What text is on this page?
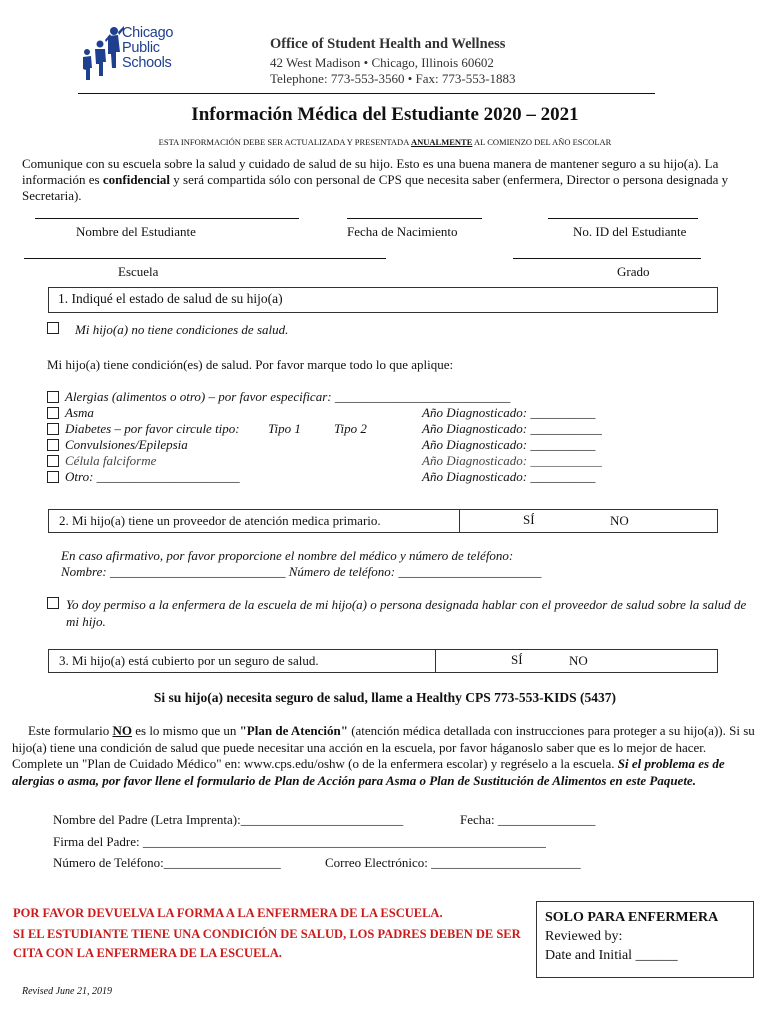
Chicago
Public
Schools
Office of Student Health and Wellness
42 West Madison • Chicago, Illinois 60602
Telephone: 773-553-3560 • Fax: 773-553-1883
Información Médica del Estudiante 2020 – 2021
ESTA INFORMACIÓN DEBE SER ACTUALIZADA Y PRESENTADA ANUALMENTE AL COMIENZO DEL AÑO ESCOLAR
Comunique con su escuela sobre la salud y cuidado de salud de su hijo. Esto es una buena manera de mantener seguro a su hijo(a). La información es confidencial y será compartida sólo con personal de CPS que necesita saber (enfermera, Director o persona designada y Secretaria).
Nombre del Estudiante	Fecha de Nacimiento	No. ID del Estudiante
Escuela	Grado
1. Indiqué el estado de salud de su hijo(a)
Mi hijo(a) no tiene condiciones de salud.
Mi hijo(a) tiene condición(es) de salud. Por favor marque todo lo que aplique:
Alergias (alimentos o otro) – por favor especificar: ___________________________
Asma	Año Diagnosticado: __________
Diabetes – por favor circule tipo: Tipo 1	Tipo 2	Año Diagnosticado: ___________
Convulsiones/Epilepsia	Año Diagnosticado: __________
Célula falciforme	Año Diagnosticado: ___________
Otro: ______________________	Año Diagnosticado: __________
2. Mi hijo(a) tiene un proveedor de atención medica primario.	SÍ	NO
En caso afirmativo, por favor proporcione el nombre del médico y número de teléfono:
Nombre: ___________________________ Número de teléfono: ______________________
Yo doy permiso a la enfermera de la escuela de mi hijo(a) o persona designada hablar con el proveedor de salud sobre la salud de mi hijo.
3. Mi hijo(a) está cubierto por un seguro de salud.	SÍ	NO
Si su hijo(a) necesita seguro de salud, llame a Healthy CPS 773-553-KIDS (5437)
Este formulario NO es lo mismo que un "Plan de Atención" (atención médica detallada con instrucciones para proteger a su hijo(a)). Si su hijo(a) tiene una condición de salud que puede necesitar una acción en la escuela, por favor háganoslo saber que es lo mejor de hacer. Complete un "Plan de Cuidado Médico" en: www.cps.edu/oshw (o de la enfermera escolar) y regréselo a la escuela. Si el problema es de alergias o asma, por favor llene el formulario de Plan de Acción para Asma o Plan de Sustitución de Alimentos en este Paquete.
Nombre del Padre (Letra Imprenta):_________________________	Fecha: _______________
Firma del Padre: ______________________________________________________________
Número de Teléfono:__________________	Correo Electrónico: _______________________
POR FAVOR DEVUELVA LA FORMA A LA ENFERMERA DE LA ESCUELA.
SI EL ESTUDIANTE TIENE UNA CONDICIÓN DE SALUD, LOS PADRES DEBEN DE SER CITA CON LA ENFERMERA DE LA ESCUELA.
SOLO PARA ENFERMERA
Reviewed by:
Date and Initial ______
Revised June 21, 2019
